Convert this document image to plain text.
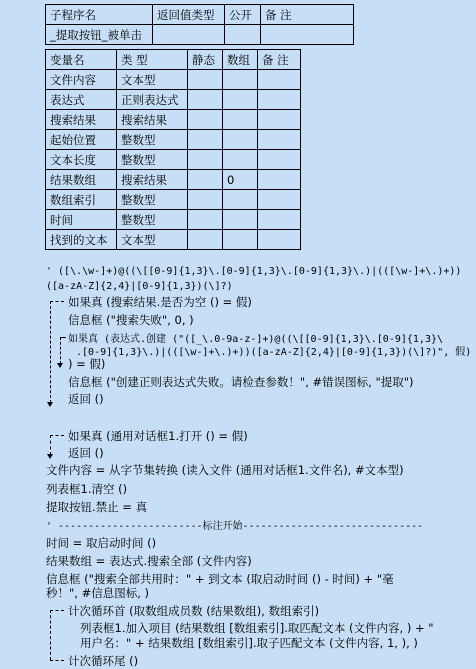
子程序名	返回值类型	公开	备 注
_提取按钮_被单击			
变量名	类 型	静态	数组	备 注
文件内容	文本型			
表达式	正则表达式			
搜索结果	搜索结果			
起始位置	整数型			
文本长度	整数型			
结果数组	搜索结果		0	
数组索引	整数型			
时间	整数型			
找到的文本	文本型			
' ([\.\w-]+)@((\[[0-9]{1,3}\.[0-9]{1,3}\.[0-9]{1,3}\.)|(([\w-]+\.)+))
([a-zA-Z]{2,4}|[0-9]{1,3})(\]?)
如果真 (搜索结果.是否为空 () = 假)
信息框 ("搜索失败", 0, )
如果真 (表达式.创建 ("([_\.0-9a-z-]+)@((\[[0-9]{1,3}\.[0-9]{1,3}\
.[0-9]{1,3}\.)|(([\w-]+\.)+))([a-zA-Z]{2,4}|[0-9]{1,3})(\]?)", 假)
) = 假)
信息框 ("创建正则表达式失败。请检查参数！", #错误图标, "提取")
返回 ()
如果真 (通用对话框1.打开 () = 假)
返回 ()
文件内容 = 从字节集转换 (读入文件 (通用对话框1.文件名), #文本型)
列表框1.清空 ()
提取按钮.禁止 = 真
' ------------------------标注开始------------------------------
时间 = 取启动时间 ()
结果数组 = 表达式.搜索全部 (文件内容)
信息框 ("搜索全部共用时：" + 到文本 (取启动时间 () - 时间) + "毫
秒！", #信息图标, )
计次循环首 (取数组成员数 (结果数组), 数组索引)
列表框1.加入项目 (结果数组 [数组索引].取匹配文本 (文件内容, ) + "
用户名：" + 结果数组 [数组索引].取子匹配文本 (文件内容, 1, ), )
计次循环尾 ()
